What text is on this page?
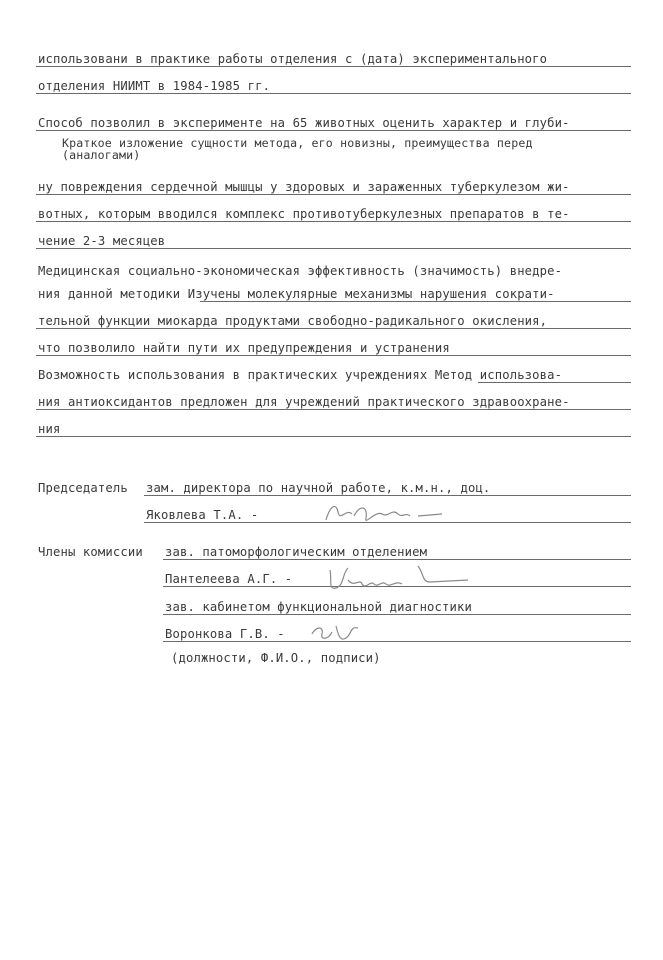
использовани в практике работы отделения с (дата) экспериментального
отделения НИИМТ в 1984-1985 гг.
Способ позволил в эксперименте на 65 животных оценить характер и глуби-
Краткое изложение сущности метода, его новизны, преимущества перед
(аналогами)
ну повреждения сердечной мышцы у здоровых и зараженных туберкулезом жи-
вотных, которым вводился комплекс противотуберкулезных препаратов в те-
чение 2-3 месяцев
Медицинская социально-экономическая эффективность (значимость) внедре-
ния данной методики Изучены молекулярные механизмы нарушения сократи-
тельной функции миокарда продуктами свободно-радикального окисления,
что позволило найти пути их предупреждения и устранения
Возможность использования в практических учреждениях Метод использова-
ния антиоксидантов предложен для учреждений практического здравоохране-
ния
Председатель зам. директора по научной работе, к.м.н., доц.
Яковлева Т.А. -
Члены комиссии зав. патоморфологическим отделением
Пантелеева А.Г. -
зав. кабинетом функциональной диагностики
Воронкова Г.В. -
(должности, Ф.И.О., подписи)
